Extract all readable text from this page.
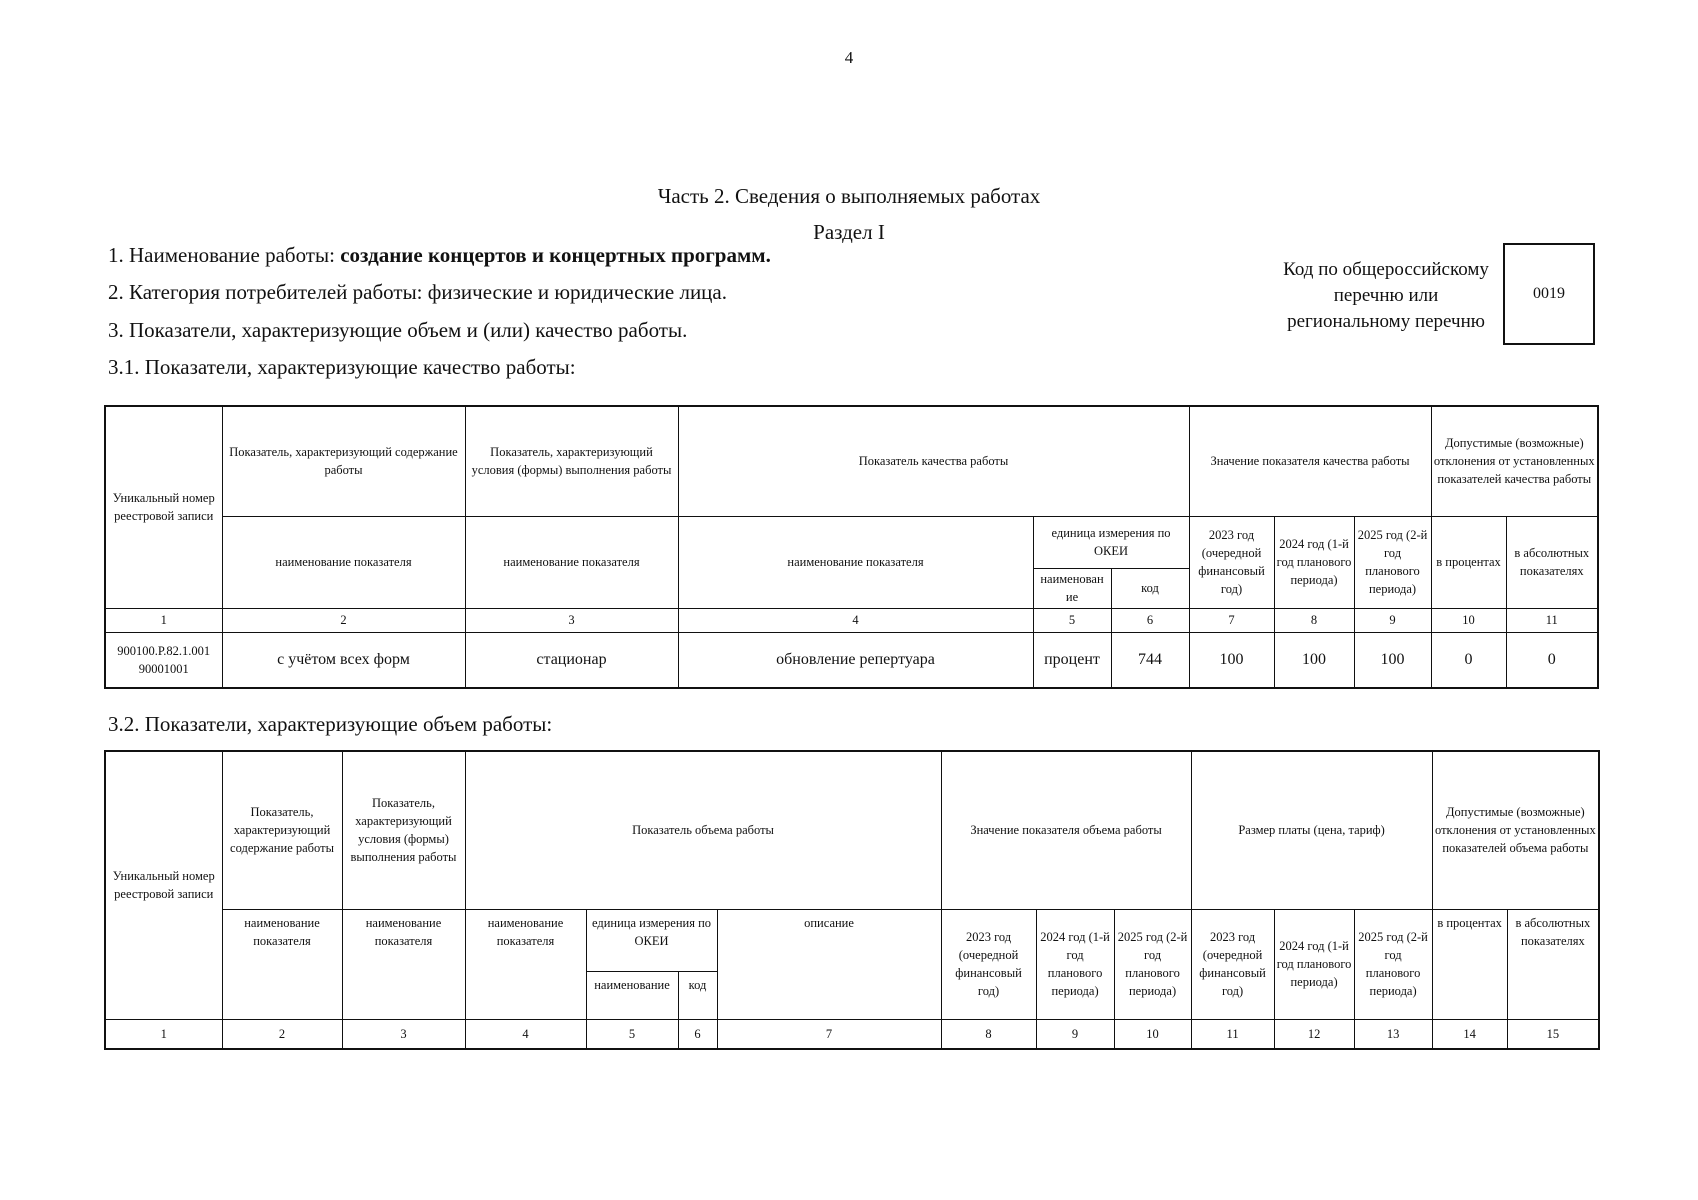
4
Часть 2. Сведения о выполняемых работах
Раздел I
1. Наименование работы: создание концертов и концертных программ.
2. Категория потребителей работы: физические и юридические лица.
3. Показатели, характеризующие объем и (или) качество работы.
3.1. Показатели, характеризующие качество работы:
Код по общероссийскому перечню или региональному перечню
0019
Уникальный номер реестровой записи	Показатель, характеризующий содержание работы	Показатель, характеризующий условия (формы) выполнения работы	Показатель качества работы			Значение показателя качества работы			Допустимые (возможные) отклонения от установленных показателей качества работы	
	наименование показателя	наименование показателя	наименование показателя	единица измерения по ОКЕИ		2023 год (очередной финансовый год)	2024 год (1-й год планового периода)	2025 год (2-й год планового периода)	в процентах	в абсолютных показателях
				наименован ие	код					
1	2	3	4	5	6	7	8	9	10	11
900100.Р.82.1.001 90001001	с учётом всех форм	стационар	обновление репертуара	процент	744	100	100	100	0	0
3.2. Показатели, характеризующие объем работы:
Уникальный номер реестровой записи	Показатель, характеризующий содержание работы	Показатель, характеризующий условия (формы) выполнения работы	Показатель объема работы				Значение показателя объема работы			Размер платы (цена, тариф)			Допустимые (возможные) отклонения от установленных показателей объема работы	
	наименование показателя	наименование показателя	наименование показателя	единица измерения по ОКЕИ		описание	2023 год (очередной финансовый год)	2024 год (1-й год планового периода)	2025 год (2-й год планового периода)	2023 год (очередной финансовый год)	2024 год (1-й год планового периода)	2025 год (2-й год планового периода)	в процентах	в абсолютных показателях
				наименование	код									
1	2	3	4	5	6	7	8	9	10	11	12	13	14	15
